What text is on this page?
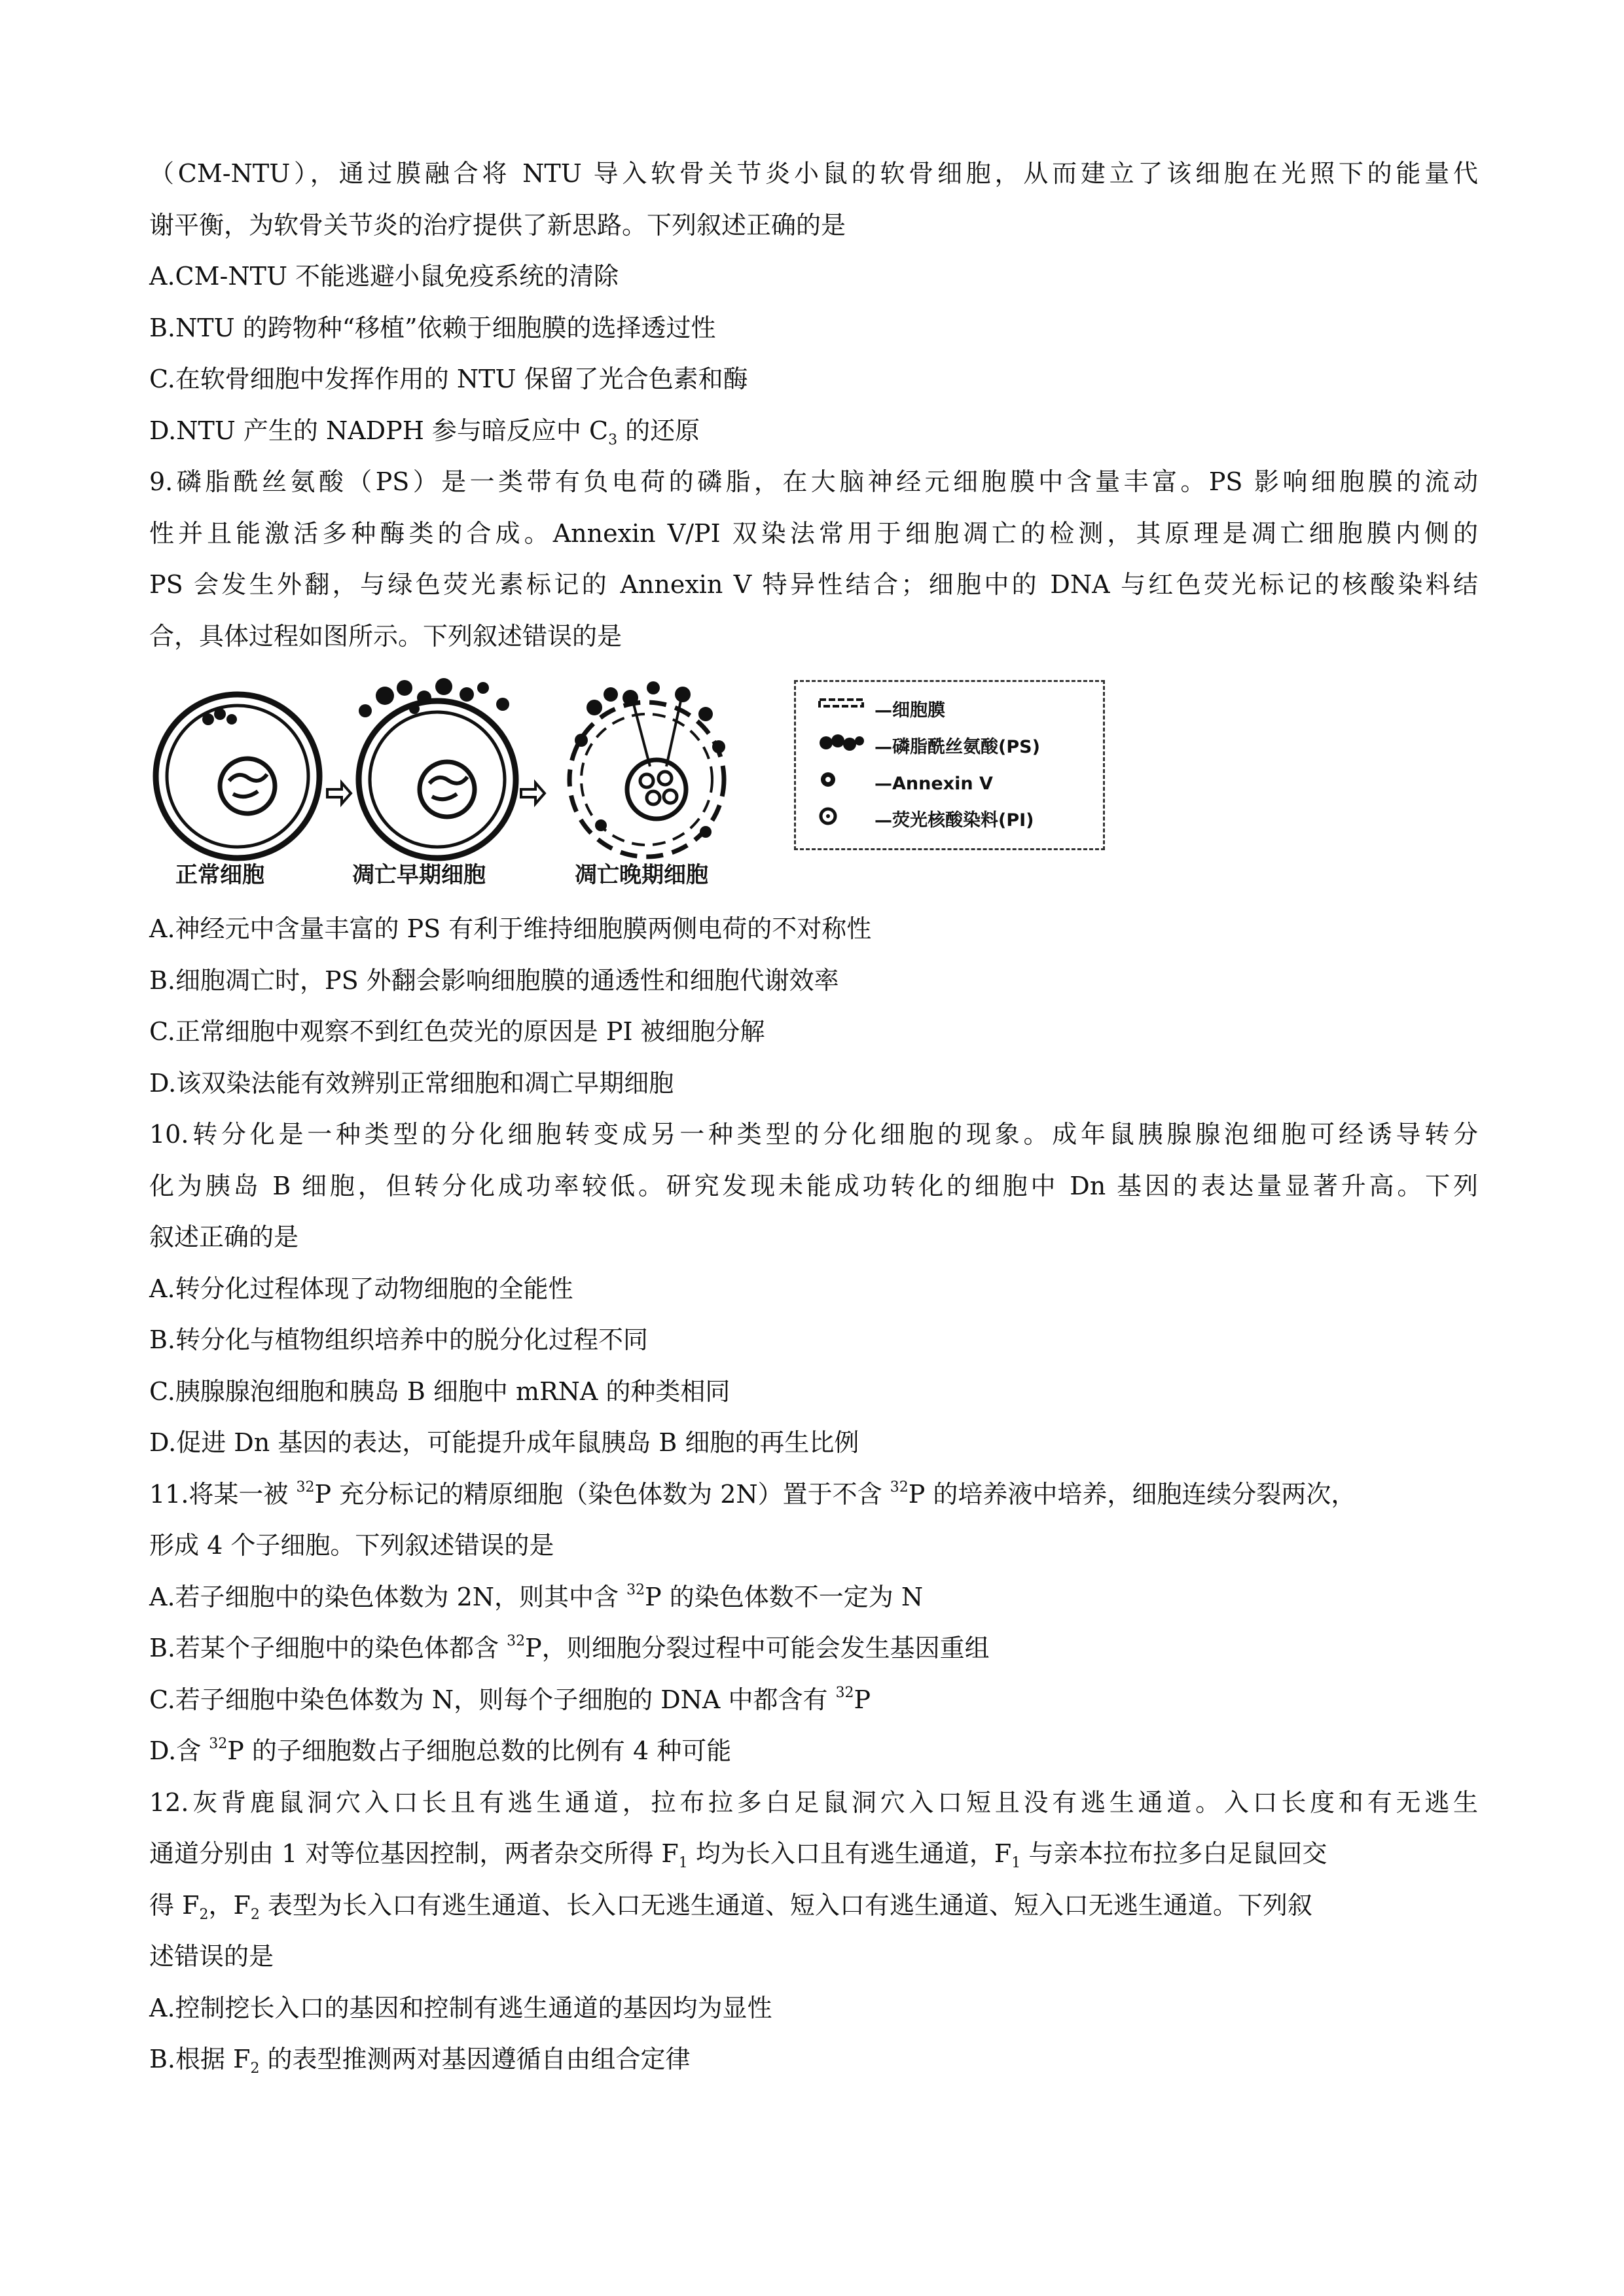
（CM-NTU），通过膜融合将 NTU 导入软骨关节炎小鼠的软骨细胞，从而建立了该细胞在光照下的能量代
谢平衡，为软骨关节炎的治疗提供了新思路。下列叙述正确的是
A.CM-NTU 不能逃避小鼠免疫系统的清除
B.NTU 的跨物种“移植”依赖于细胞膜的选择透过性
C.在软骨细胞中发挥作用的 NTU 保留了光合色素和酶
D.NTU 产生的 NADPH 参与暗反应中 $C_3$ 的还原
9.磷脂酰丝氨酸（PS）是一类带有负电荷的磷脂，在大脑神经元细胞膜中含量丰富。PS 影响细胞膜的流动
性并且能激活多种酶类的合成。Annexin V/PI 双染法常用于细胞凋亡的检测，其原理是凋亡细胞膜内侧的
PS 会发生外翻，与绿色荧光素标记的 Annexin V 特异性结合；细胞中的 DNA 与红色荧光标记的核酸染料结
合，具体过程如图所示。下列叙述错误的是
正常细胞	凋亡早期细胞	凋亡晚期细胞
—细胞膜
—磷脂酰丝氨酸(PS)
—Annexin V
—荧光核酸染料(PI)
A.神经元中含量丰富的 PS 有利于维持细胞膜两侧电荷的不对称性
B.细胞凋亡时，PS 外翻会影响细胞膜的通透性和细胞代谢效率
C.正常细胞中观察不到红色荧光的原因是 PI 被细胞分解
D.该双染法能有效辨别正常细胞和凋亡早期细胞
10.转分化是一种类型的分化细胞转变成另一种类型的分化细胞的现象。成年鼠胰腺腺泡细胞可经诱导转分
化为胰岛 B 细胞，但转分化成功率较低。研究发现未能成功转化的细胞中 Dn 基因的表达量显著升高。下列
叙述正确的是
A.转分化过程体现了动物细胞的全能性
B.转分化与植物组织培养中的脱分化过程不同
C.胰腺腺泡细胞和胰岛 B 细胞中 mRNA 的种类相同
D.促进 Dn 基因的表达，可能提升成年鼠胰岛 B 细胞的再生比例
11.将某一被 $^{32}$P 充分标记的精原细胞（染色体数为 2N）置于不含 $^{32}$P 的培养液中培养，细胞连续分裂两次，
形成 4 个子细胞。下列叙述错误的是
A.若子细胞中的染色体数为 2N，则其中含 $^{32}$P 的染色体数不一定为 N
B.若某个子细胞中的染色体都含 $^{32}$P，则细胞分裂过程中可能会发生基因重组
C.若子细胞中染色体数为 N，则每个子细胞的 DNA 中都含有 $^{32}$P
D.含 $^{32}$P 的子细胞数占子细胞总数的比例有 4 种可能
12.灰背鹿鼠洞穴入口长且有逃生通道，拉布拉多白足鼠洞穴入口短且没有逃生通道。入口长度和有无逃生
通道分别由 1 对等位基因控制，两者杂交所得 $F_1$ 均为长入口且有逃生通道，$F_1$ 与亲本拉布拉多白足鼠回交
得 $F_2$，$F_2$ 表型为长入口有逃生通道、长入口无逃生通道、短入口有逃生通道、短入口无逃生通道。下列叙
述错误的是
A.控制挖长入口的基因和控制有逃生通道的基因均为显性
B.根据 $F_2$ 的表型推测两对基因遵循自由组合定律
